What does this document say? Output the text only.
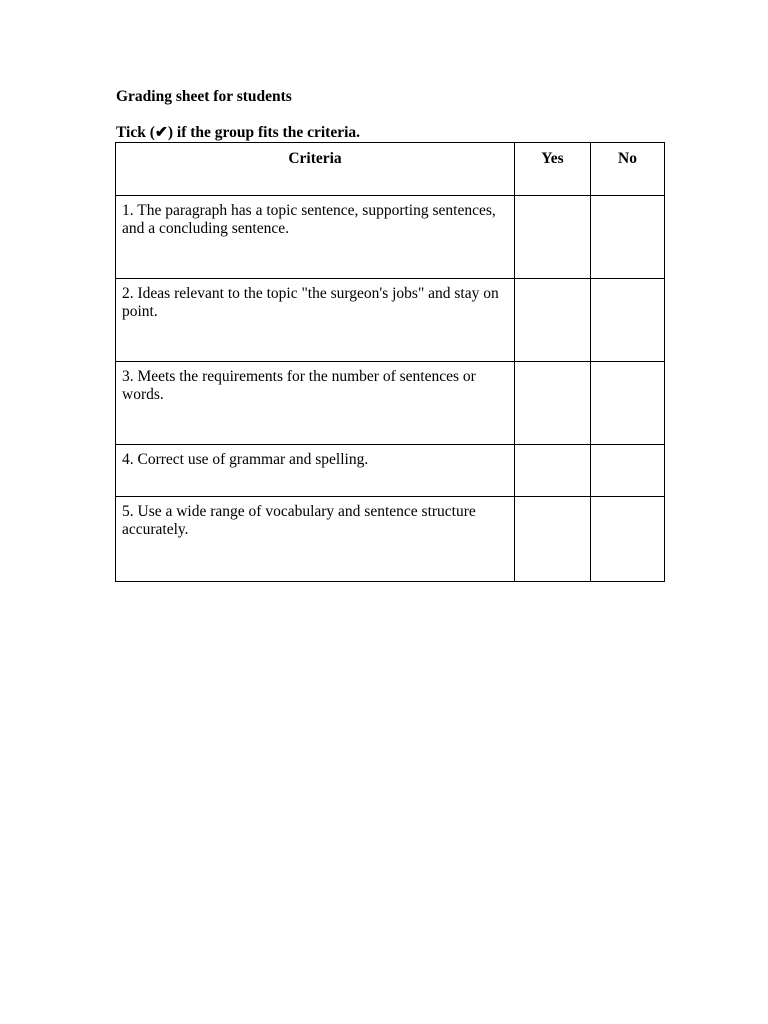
Grading sheet for students
Tick (✔) if the group fits the criteria.
Criteria	Yes	No
1. The paragraph has a topic sentence, supporting sentences, and a concluding sentence.		
2. Ideas relevant to the topic "the surgeon's jobs" and stay on point.		
3. Meets the requirements for the number of sentences or words.		
4. Correct use of grammar and spelling.		
5. Use a wide range of vocabulary and sentence structure accurately.		
